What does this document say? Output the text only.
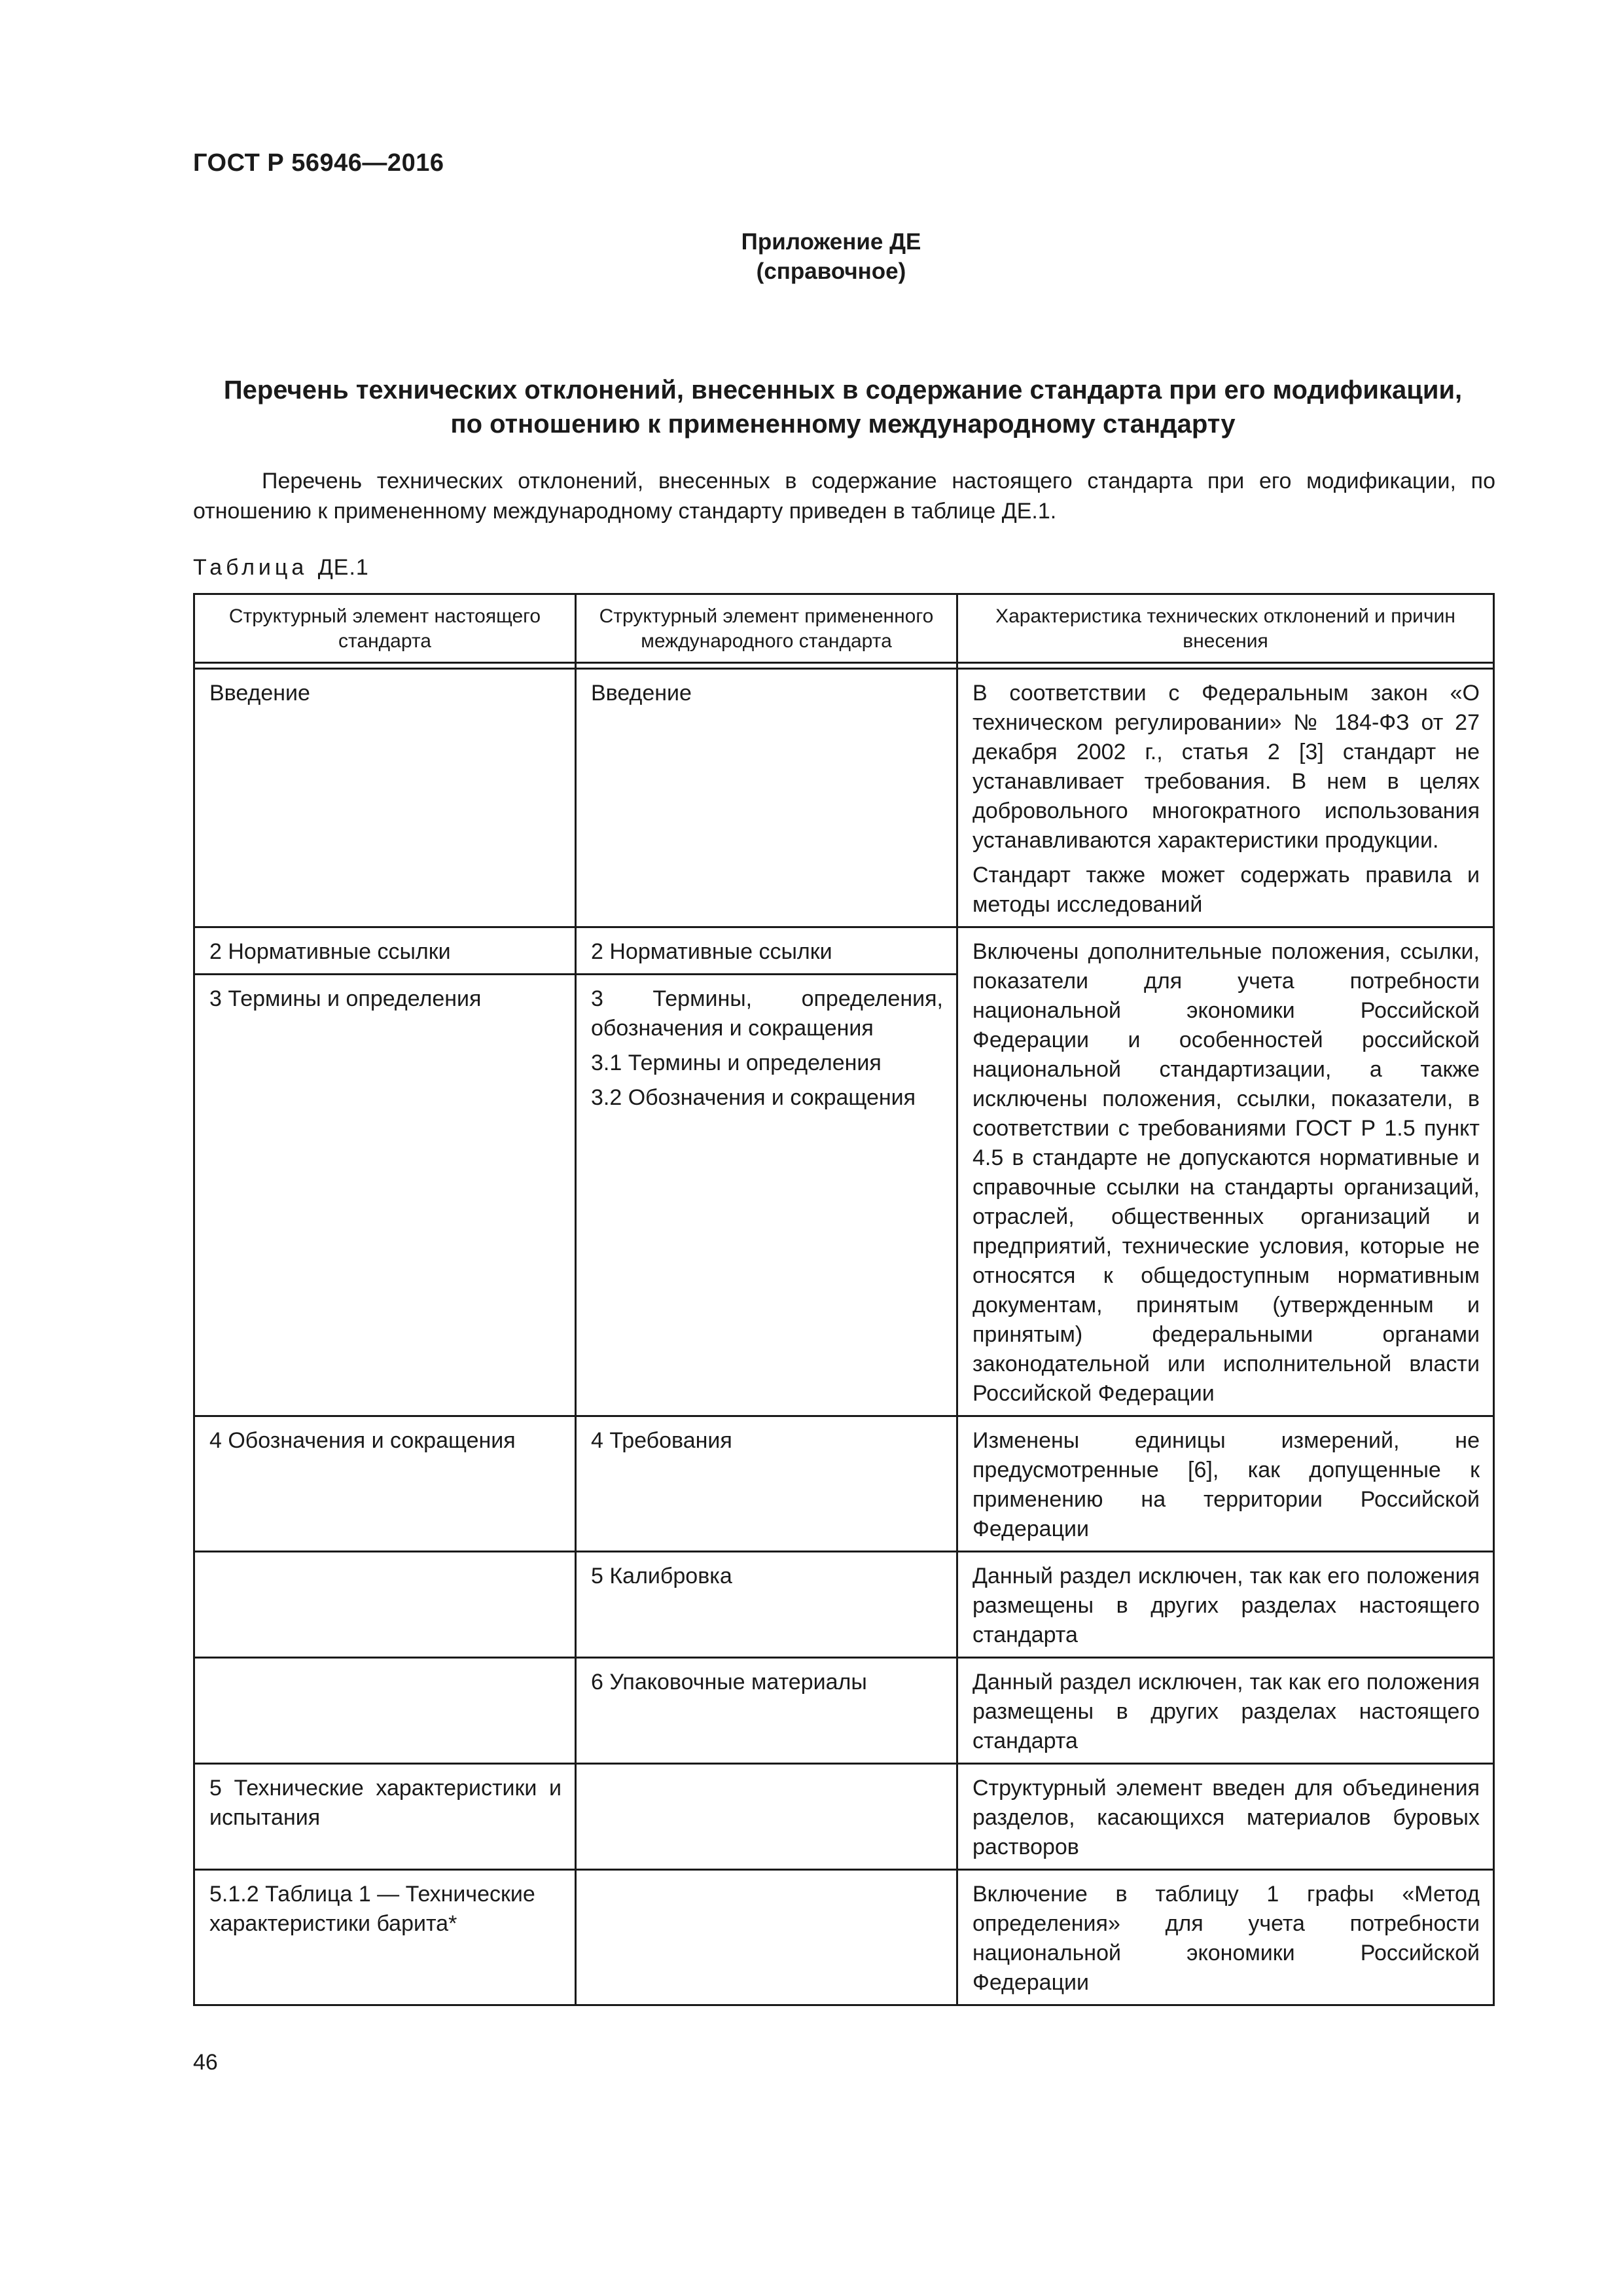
ГОСТ Р 56946—2016
Приложение ДЕ
(справочное)
Перечень технических отклонений, внесенных в содержание стандарта при его модификации,
по отношению к примененному международному стандарту
Перечень технических отклонений, внесенных в содержание настоящего стандарта при его модификации, по
отношению к примененному международному стандарту приведен в таблице ДЕ.1.
Таблица ДЕ.1
Структурный элемент настоящего стандарта	Структурный элемент примененного международного стандарта	Характеристика технических отклонений и причин внесения

Введение	Введение	В соответствии с Федеральным закон «О техническом регулировании» № 184-ФЗ от 27 декабря 2002 г., статья 2 [3] стандарт не устанавливает требования. В нем в целях добровольного многократного использования устанавливаются характеристики продукции.

Стандарт также может содержать правила и методы исследований

2 Нормативные ссылки	2 Нормативные ссылки	Включены дополнительные положения, ссылки, показатели для учета потребности национальной экономики Российской Федерации и особенностей российской национальной стандартизации, а также исключены положения, ссылки, показатели, в соответствии с требованиями ГОСТ Р 1.5 пункт 4.5 в стандарте не допускаются нормативные и справочные ссылки на стандарты организаций, отраслей, общественных организаций и предприятий, технические условия, которые не относятся к общедоступным нормативным документам, принятым (утвержденным и принятым) федеральными органами законодательной или исполнительной власти Российской Федерации
3 Термины и определения	3 Термины, определения, обозначения и сокращения

3.1 Термины и определения

3.2 Обозначения и сокращения	

4 Обозначения и сокращения	4 Требования	Изменены единицы измерений, не предусмотренные [6], как допущенные к применению на территории Российской Федерации
	5 Калибровка	Данный раздел исключен, так как его положения размещены в других разделах настоящего стандарта
	6 Упаковочные материалы	Данный раздел исключен, так как его положения размещены в других разделах настоящего стандарта
5 Технические характеристики и испытания		Структурный элемент введен для объединения разделов, касающихся материалов буровых растворов
5.1.2 Таблица 1 — Технические характеристики барита*		Включение в таблицу 1 графы «Метод определения» для учета потребности национальной экономики Российской Федерации
46
